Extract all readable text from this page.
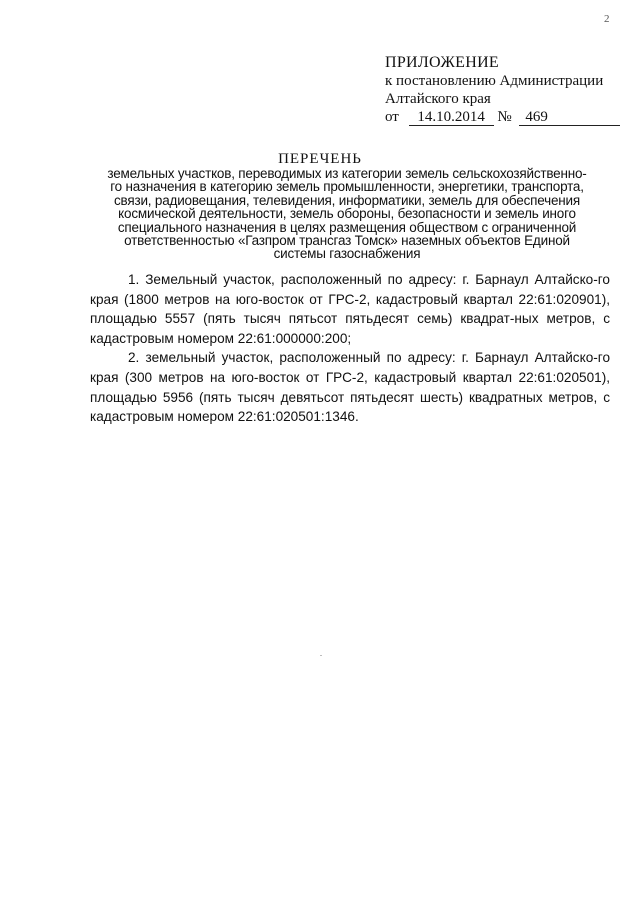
2
ПРИЛОЖЕНИЕ
к постановлению Администрации
Алтайского края
от 14.10.2014 № 469
ПЕРЕЧЕНЬ
земельных участков, переводимых из категории земель сельскохозяйственно-
го назначения в категорию земель промышленности, энергетики, транспорта,
связи, радиовещания, телевидения, информатики, земель для обеспечения
космической деятельности, земель обороны, безопасности и земель иного
специального назначения в целях размещения обществом с ограниченной
ответственностью «Газпром трансгаз Томск» наземных объектов Единой
системы газоснабжения

1. Земельный участок, расположенный по адресу: г. Барнаул Алтайско-го края (1800 метров на юго-восток от ГРС-2, кадастровый квартал 22:61:020901), площадью 5557 (пять тысяч пятьсот пятьдесят семь) квадрат-ных метров, с кадастровым номером 22:61:000000:200;

2. земельный участок, расположенный по адресу: г. Барнаул Алтайско-го края (300 метров на юго-восток от ГРС-2, кадастровый квартал 22:61:020501), площадью 5956 (пять тысяч девятьсот пятьдесят шесть) квадратных метров, с кадастровым номером 22:61:020501:1346.
